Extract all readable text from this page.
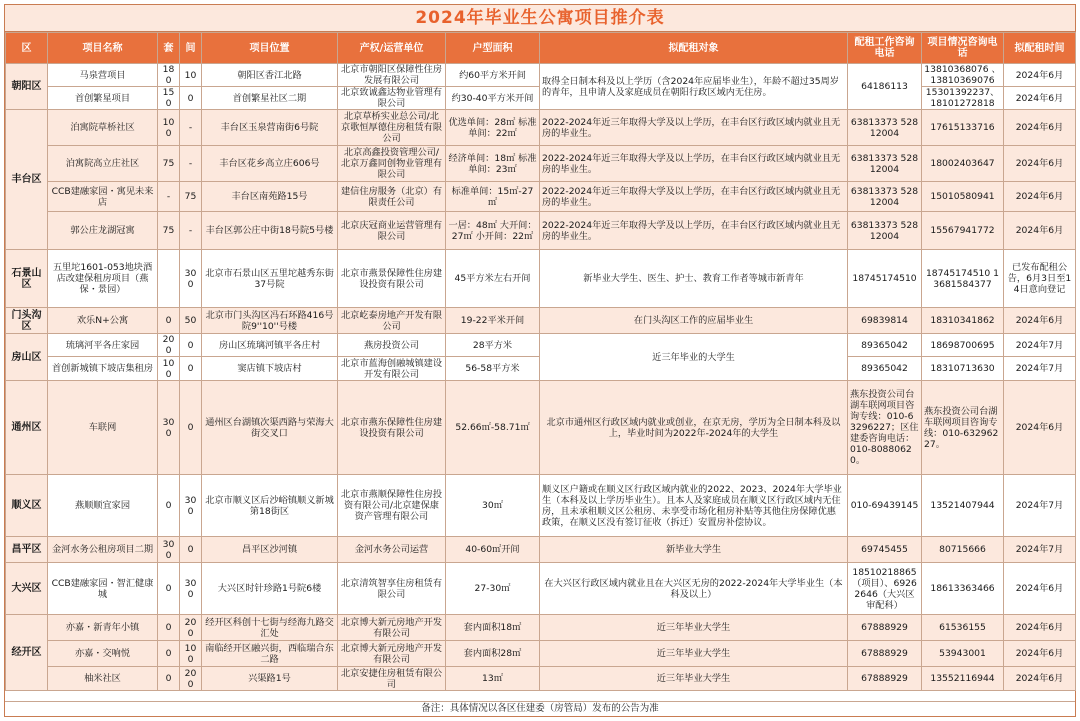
2024年毕业生公寓项目推介表
区	项目名称	套	间	项目位置	产权/运营单位	户型面积	拟配租对象	配租工作咨询电话	项目情况咨询电话	拟配租时间
朝阳区	马泉营项目	180	10	朝阳区香江北路	北京市朝阳区保障性住房发展有限公司	约60平方米开间	取得全日制本科及以上学历（含2024年应届毕业生），年龄不超过35周岁的青年，且申请人及家庭成员在朝阳行政区域内无住房。	64186113	13810368076 、13810369076	2024年6月
	首创繁星项目	150	0	首创繁星社区二期	北京致诚鑫达物业管理有限公司	约30-40平方米开间			15301392237、18101272818	2024年6月
丰台区	泊寓院草桥社区	100	-	丰台区玉泉营南街6号院	北京草桥实业总公司/北京歌恒厚德住房租赁有限公司	优选单间：28㎡ 标准单间：22㎡	2022-2024年近三年取得大学及以上学历，在丰台区行政区域内就业且无房的毕业生。	63813373 52812004	17615133716	2024年6月
	泊寓院高立庄社区	75	-	丰台区花乡高立庄606号	北京高鑫投资管理公司/北京万鑫同创物业管理有限公司	经济单间：18㎡ 标准单间：23㎡	2022-2024年近三年取得大学及以上学历，在丰台区行政区域内就业且无房的毕业生。	63813373 52812004	18002403647	2024年6月
	CCB建融家园・寓见未来店	-	75	丰台区南苑路15号	建信住房服务（北京）有限责任公司	标准单间：15㎡-27㎡	2022-2024年近三年取得大学及以上学历，在丰台区行政区域内就业且无房的毕业生。	63813373 52812004	15010580941	2024年6月
	郭公庄龙湖冠寓	75	-	丰台区郭公庄中街18号院5号楼	北京庆冠商业运营管理有限公司	一居：48㎡ 大开间：27㎡ 小开间：22㎡	2022-2024年近三年取得大学及以上学历，在丰台区行政区域内就业且无房的毕业生。	63813373 52812004	15567941772	2024年6月
石景山区	五里坨1601-053地块酒店改建保租房项目（燕保・景园）		300	北京市石景山区五里坨越秀东街37号院	北京市燕景保障性住房建设投资有限公司	45平方米左右开间	新毕业大学生、医生、护士、教育工作者等城市新青年	18745174510	18745174510 13681584377	已发布配租公告，6月3日至14日意向登记
门头沟区	欢乐N+公寓	0	50	北京市门头沟区冯石环路416号院9''10''号楼	北京屹泰房地产开发有限公司	19-22平米开间	在门头沟区工作的应届毕业生	69839814	18310341862	2024年6月
房山区	琉璃河平各庄家园	200	0	房山区琉璃河镇平各庄村	燕房投资公司	28平方米	近三年毕业的大学生	89365042	18698700695	2024年7月
	首创新城镇下坡店集租房	100	0	窦店镇下坡店村	北京市蓝海创融城镇建设开发有限公司	56-58平方米		89365042	18310713630	2024年7月
通州区	车联网	300	0	通州区台湖镇次渠西路与荣海大街交叉口	北京市燕东保障性住房建设投资有限公司	52.66㎡-58.71㎡	北京市通州区行政区域内就业或创业，在京无房，学历为全日制本科及以上，毕业时间为2022年-2024年的大学生	燕东投资公司台湖车联网项目咨询专线：010-63296227；区住建委咨询电话：010-80880620。	燕东投资公司台湖车联网项目咨询专线：010-63296227。	2024年6月
顺义区	燕顺顺宜家园	0	300	北京市顺义区后沙峪镇顺义新城第18街区	北京市燕顺保障性住房投资有限公司/北京建保康资产管理有限公司	30㎡	顺义区户籍或在顺义区行政区域内就业的2022、2023、2024年大学毕业生（本科及以上学历毕业生）。且本人及家庭成员在顺义区行政区域内无住房，且未承租顺义区公租房、未享受市场化租房补贴等其他住房保障优惠政策，在顺义区没有签订征收（拆迁）安置房补偿协议。	010-69439145	13521407944	2024年7月
昌平区	金河水务公租房项目二期	300	0	昌平区沙河镇	金河水务公司运营	40-60㎡开间	新毕业大学生	69745455	80715666	2024年7月
大兴区	CCB建融家园・智汇健康城	0	300	大兴区时针珍路1号院6楼	北京清筑智享住房租赁有限公司	27-30㎡	在大兴区行政区域内就业且在大兴区无房的2022-2024年大学毕业生（本科及以上）	18510218865（项目）、69262646（大兴区审配科）	18613363466	2024年6月
经开区	亦嘉・新青年小镇	0	200	经开区科创十七街与经海九路交汇处	北京博大新元房地产开发有限公司	套内面积18㎡	近三年毕业大学生	67888929	61536155	2024年6月
	亦嘉・交响悦	0	100	南临经开区融兴街，西临瑞合东二路	北京博大新元房地产开发有限公司	套内面积28㎡	近三年毕业大学生	67888929	53943001	2024年6月
	柚米社区	0	200	兴渠路1号	北京安捷住房租赁有限公司	13㎡	近三年毕业大学生	67888929	13552116944	2024年6月
备注：具体情况以各区住建委（房管局）发布的公告为准
